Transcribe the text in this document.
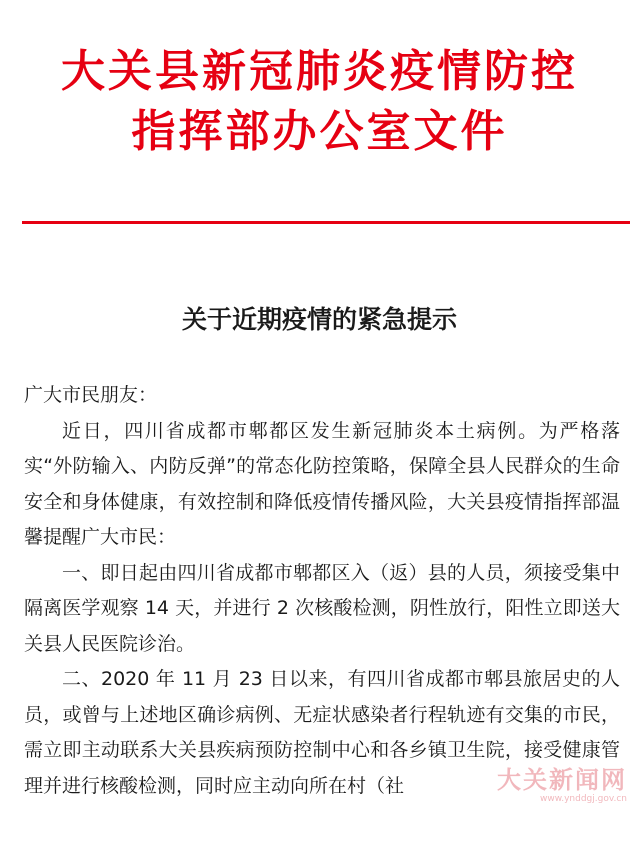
大关县新冠肺炎疫情防控
指挥部办公室文件
关于近期疫情的紧急提示

广大市民朋友：

近日，四川省成都市郫都区发生新冠肺炎本土病例。为严格落实“外防输入、内防反弹”的常态化防控策略，保障全县人民群众的生命安全和身体健康，有效控制和降低疫情传播风险，大关县疫情指挥部温馨提醒广大市民：

一、即日起由四川省成都市郫都区入（返）县的人员，须接受集中隔离医学观察 14 天，并进行 2 次核酸检测，阴性放行，阳性立即送大关县人民医院诊治。

二、2020 年 11 月 23 日以来，有四川省成都市郫县旅居史的人员，或曾与上述地区确诊病例、无症状感染者行程轨迹有交集的市民，需立即主动联系大关县疾病预防控制中心和各乡镇卫生院，接受健康管理并进行核酸检测，同时应主动向所在村（社	大关新闻网
www.ynddgj.gov.cn
